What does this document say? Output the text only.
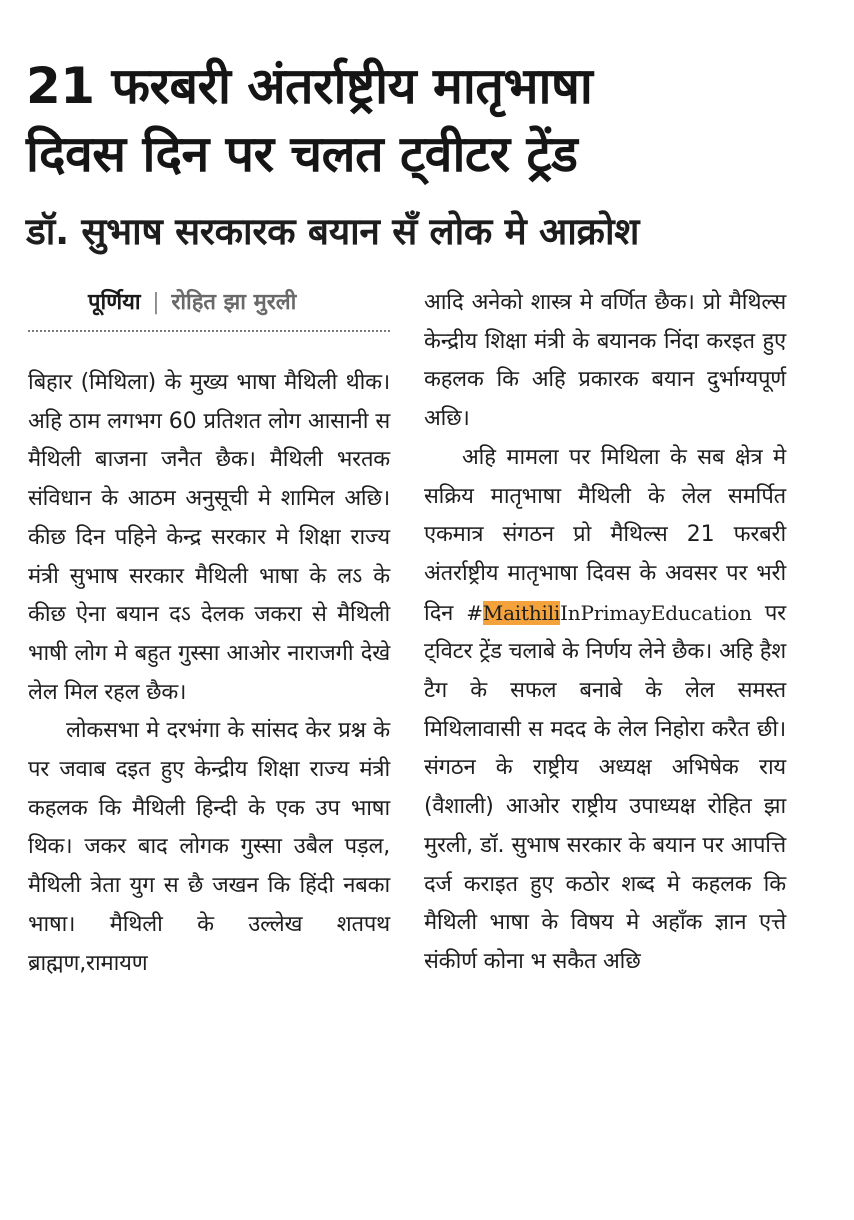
21 फरबरी अंतर्राष्ट्रीय मातृभाषा
दिवस दिन पर चलत ट्वीटर ट्रेंड
डॉ. सुभाष सरकारक बयान सँ लोक मे आक्रोश
पूर्णिया | रोहित झा मुरली

बिहार (मिथिला) के मुख्य भाषा मैथिली थीक। अहि ठाम लगभग 60 प्रतिशत लोग आसानी स मैथिली बाजना जनैत छैक। मैथिली भरतक संविधान के आठम अनुसूची मे शामिल अछि। कीछ दिन पहिने केन्द्र सरकार मे शिक्षा राज्य मंत्री सुभाष सरकार मैथिली भाषा के लऽ के कीछ ऐना बयान दऽ देलक जकरा से मैथिली भाषी लोग मे बहुत गुस्सा आओर नाराजगी देखे लेल मिल रहल छैक।

लोकसभा मे दरभंगा के सांसद केर प्रश्न के पर जवाब दइत हुए केन्द्रीय शिक्षा राज्य मंत्री कहलक कि मैथिली हिन्दी के एक उप भाषा थिक। जकर बाद लोगक गुस्सा उबैल पड़ल, मैथिली त्रेता युग स छै जखन कि हिंदी नबका भाषा। मैथिली के उल्लेख शतपथ ब्राह्मण,रामायण

आदि अनेको शास्त्र मे वर्णित छैक। प्रो मैथिल्स केन्द्रीय शिक्षा मंत्री के बयानक निंदा करइत हुए कहलक कि अहि प्रकारक बयान दुर्भाग्यपूर्ण अछि।

अहि मामला पर मिथिला के सब क्षेत्र मे सक्रिय मातृभाषा मैथिली के लेल समर्पित एकमात्र संगठन प्रो मैथिल्स 21 फरबरी अंतर्राष्ट्रीय मातृभाषा दिवस के अवसर पर भरी दिन #MaithiliInPrimayEducation पर ट्विटर ट्रेंड चलाबे के निर्णय लेने छैक। अहि हैश टैग के सफल बनाबे के लेल समस्त मिथिलावासी स मदद के लेल निहोरा करैत छी। संगठन के राष्ट्रीय अध्यक्ष अभिषेक राय (वैशाली) आओर राष्ट्रीय उपाध्यक्ष रोहित झा मुरली, डॉ. सुभाष सरकार के बयान पर आपत्ति दर्ज कराइत हुए कठोर शब्द मे कहलक कि मैथिली भाषा के विषय मे अहाँक ज्ञान एत्ते संकीर्ण कोना भ सकैत अछि
